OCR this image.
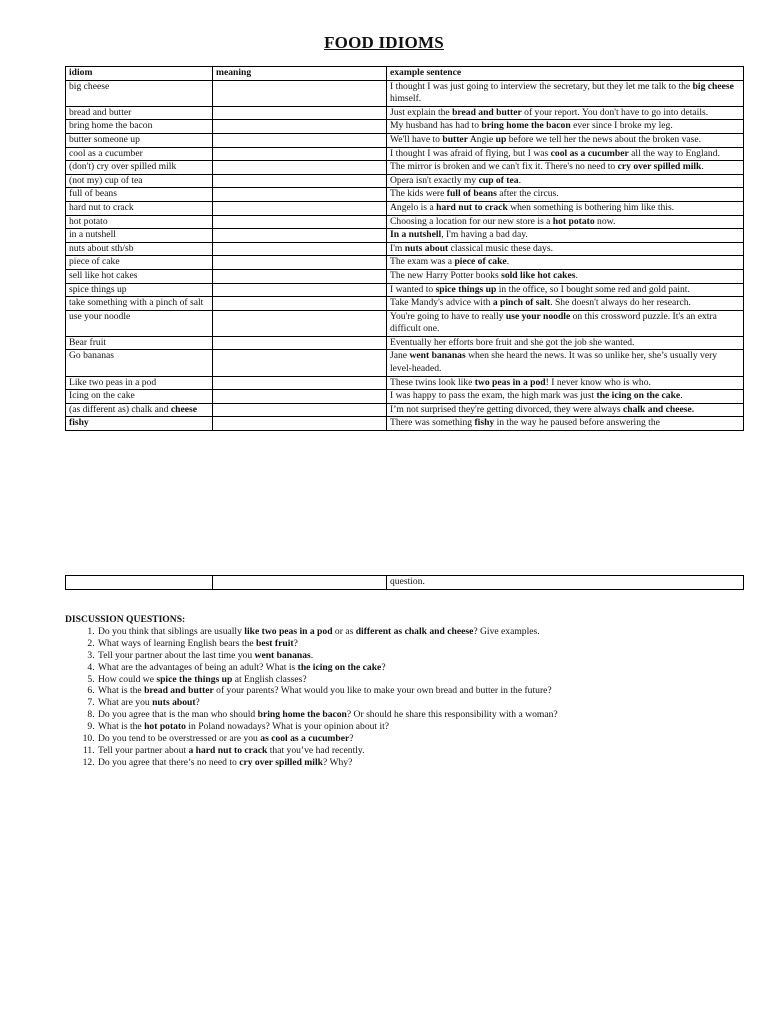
FOOD IDIOMS
idiom	meaning	example sentence
big cheese		I thought I was just going to interview the secretary, but they let me talk to the big cheese himself.
bread and butter		Just explain the bread and butter of your report. You don't have to go into details.
bring home the bacon		My husband has had to bring home the bacon ever since I broke my leg.
butter someone up		We'll have to butter Angie up before we tell her the news about the broken vase.
cool as a cucumber		I thought I was afraid of flying, but I was cool as a cucumber all the way to England.
(don't) cry over spilled milk		The mirror is broken and we can't fix it. There's no need to cry over spilled milk.
(not my) cup of tea		Opera isn't exactly my cup of tea.
full of beans		The kids were full of beans after the circus.
hard nut to crack		Angelo is a hard nut to crack when something is bothering him like this.
hot potato		Choosing a location for our new store is a hot potato now.
in a nutshell		In a nutshell, I'm having a bad day.
nuts about sth/sb		I'm nuts about classical music these days.
piece of cake		The exam was a piece of cake.
sell like hot cakes		The new Harry Potter books sold like hot cakes.
spice things up		I wanted to spice things up in the office, so I bought some red and gold paint.
take something with a pinch of salt		Take Mandy's advice with a pinch of salt. She doesn't always do her research.
use your noodle		You're going to have to really use your noodle on this crossword puzzle. It's an extra difficult one.
Bear fruit		Eventually her efforts bore fruit and she got the job she wanted.
Go bananas		Jane went bananas when she heard the news. It was so unlike her, she’s usually very level-headed.
Like two peas in a pod		These twins look like two peas in a pod! I never know who is who.
Icing on the cake		I was happy to pass the exam, the high mark was just the icing on the cake.
(as different as) chalk and cheese		I’m not surprised they're getting divorced, they were always chalk and cheese.
fishy		There was something fishy in the way he paused before answering the
		question.
DISCUSSION QUESTIONS:
1. Do you think that siblings are usually like two peas in a pod or as different as chalk and cheese? Give examples.
2. What ways of learning English bears the best fruit?
3. Tell your partner about the last time you went bananas.
4. What are the advantages of being an adult? What is the icing on the cake?
5. How could we spice the things up at English classes?
6. What is the bread and butter of your parents? What would you like to make your own bread and butter in the future?
7. What are you nuts about?
8. Do you agree that is the man who should bring home the bacon? Or should he share this responsibility with a woman?
9. What is the hot potato in Poland nowadays? What is your opinion about it?
10. Do you tend to be overstressed or are you as cool as a cucumber?
11. Tell your partner about a hard nut to crack that you’ve had recently.
12. Do you agree that there’s no need to cry over spilled milk? Why?
